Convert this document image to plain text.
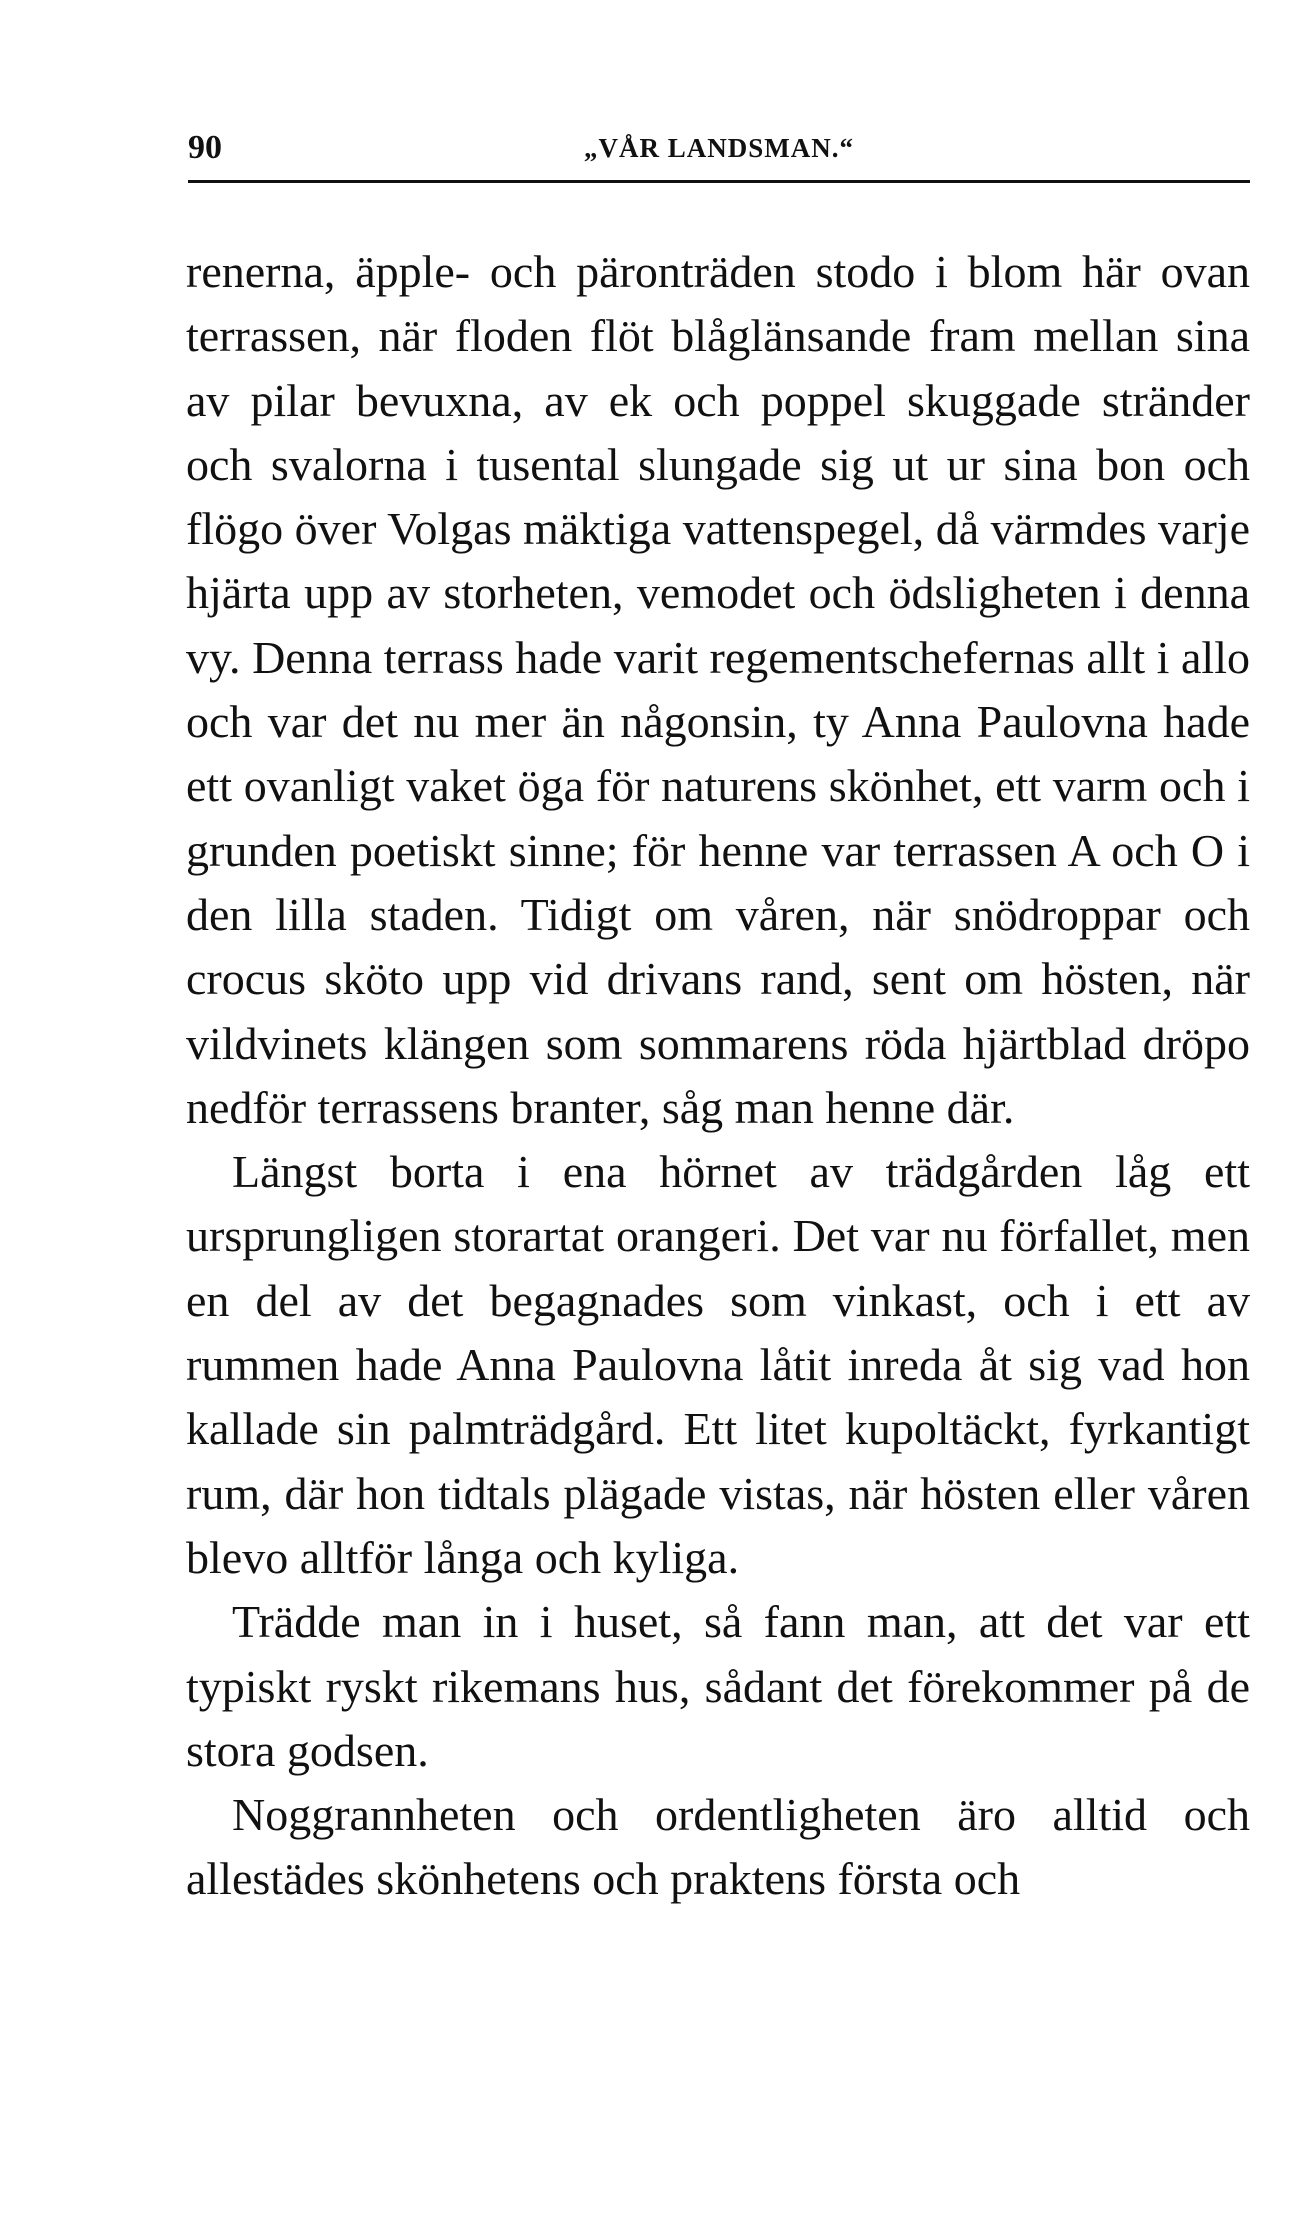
90	„VÅR LANDSMAN.“

renerna, äpple- och päronträden stodo i blom här ovan terrassen, när floden flöt blåglänsande fram mellan sina av pilar bevuxna, av ek och poppel skuggade stränder och svalorna i tusental slungade sig ut ur sina bon och flögo över Volgas mäktiga vattenspegel, då värmdes varje hjärta upp av storheten, vemodet och ödsligheten i denna vy. Denna terrass hade varit regementschefernas allt i allo och var det nu mer än någonsin, ty Anna Paulovna hade ett ovanligt vaket öga för naturens skönhet, ett varm och i grunden poetiskt sinne; för henne var terrassen A och O i den lilla staden. Tidigt om våren, när snödroppar och crocus sköto upp vid drivans rand, sent om hösten, när vildvinets klängen som sommarens röda hjärtblad dröpo nedför terrassens branter, såg man henne där.

Längst borta i ena hörnet av trädgården låg ett ursprungligen storartat orangeri. Det var nu förfallet, men en del av det begagnades som vinkast, och i ett av rummen hade Anna Paulovna låtit inreda åt sig vad hon kallade sin palmträdgård. Ett litet kupoltäckt, fyrkantigt rum, där hon tidtals plägade vistas, när hösten eller våren blevo alltför långa och kyliga.

Trädde man in i huset, så fann man, att det var ett typiskt ryskt rikemans hus, sådant det förekommer på de stora godsen.

Noggrannheten och ordentligheten äro alltid och allestädes skönhetens och praktens första och
